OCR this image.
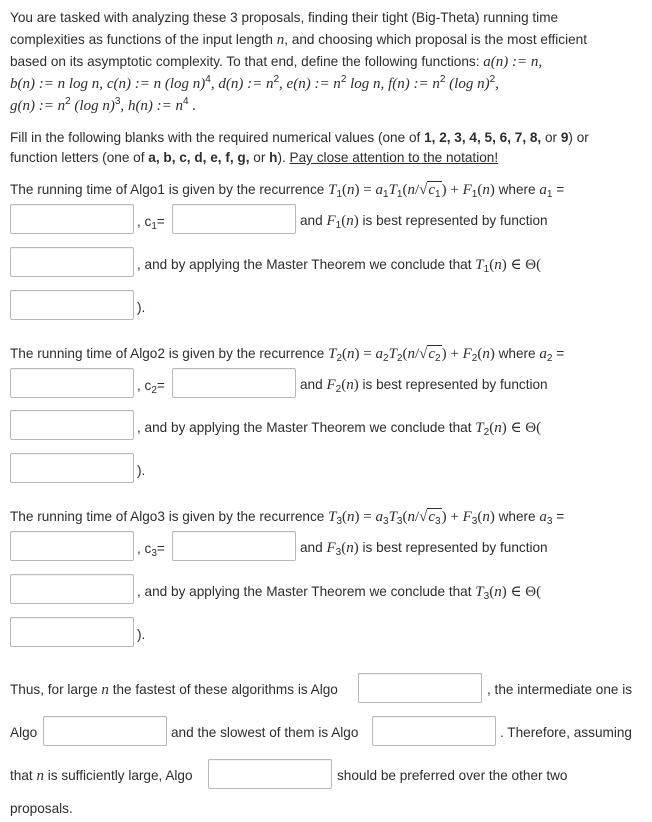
You are tasked with analyzing these 3 proposals, finding their tight (Big-Theta) running time
complexities as functions of the input length n, and choosing which proposal is the most efficient
based on its asymptotic complexity. To that end, define the following functions: a(n) := n,
b(n) := n log n, c(n) := n (log n)$^4$, d(n) := $n^2$, e(n) := $n^2$ log n, f(n) := $n^2$ (log n)$^2$,
g(n) := $n^2$ (log n)$^3$, h(n) := $n^4$ .
Fill in the following blanks with the required numerical values (one of 1, 2, 3, 4, 5, 6, 7, 8, or 9) or
function letters (one of a, b, c, d, e, f, g, or h). Pay close attention to the notation!
The running time of Algo1 is given by the recurrence $T_1(n) = a_1T_1(n/√c_1) + F_1(n)$ where $a_1$ =
, $c_1=$	and $F_1(n)$ is best represented by function
, and by applying the Master Theorem we conclude that $T_1(n)$ ∈ Θ(
).
The running time of Algo2 is given by the recurrence $T_2(n) = a_2T_2(n/√c_2) + F_2(n)$ where $a_2$ =
, $c_2=$	and $F_2(n)$ is best represented by function
, and by applying the Master Theorem we conclude that $T_2(n)$ ∈ Θ(
).
The running time of Algo3 is given by the recurrence $T_3(n) = a_3T_3(n/√c_3) + F_3(n)$ where $a_3$ =
, $c_3=$	and $F_3(n)$ is best represented by function
, and by applying the Master Theorem we conclude that $T_3(n)$ ∈ Θ(
).
Thus, for large n the fastest of these algorithms is Algo	, the intermediate one is
Algo	and the slowest of them is Algo	. Therefore, assuming
that n is sufficiently large, Algo	should be preferred over the other two
proposals.
